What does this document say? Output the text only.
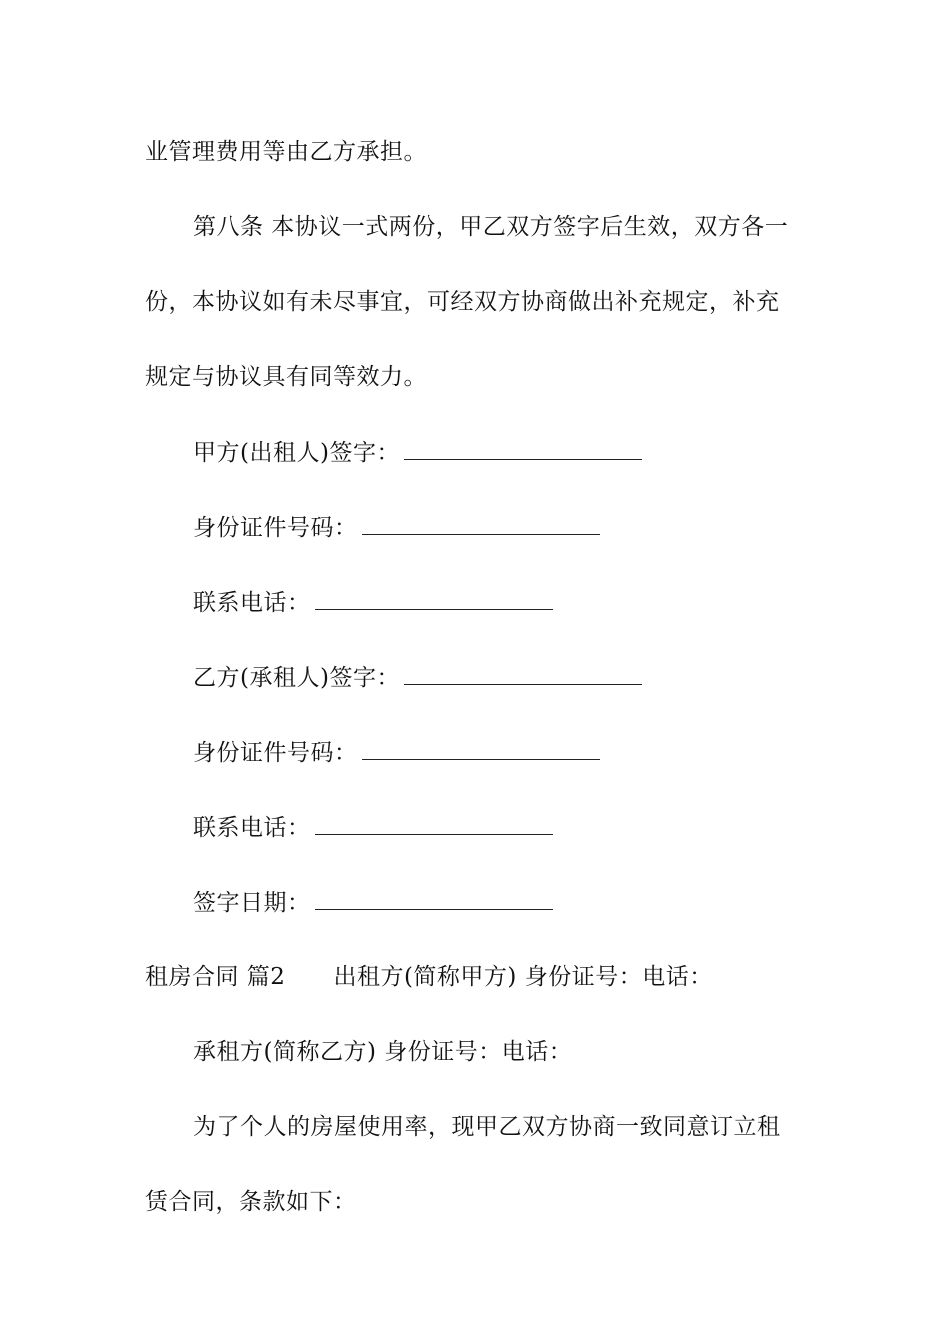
业管理费用等由乙方承担。
第八条 本协议一式两份，甲乙双方签字后生效，双方各一
份，本协议如有未尽事宜，可经双方协商做出补充规定，补充
规定与协议具有同等效力。
甲方(出租人)签字：
身份证件号码：
联系电话：
乙方(承租人)签字：
身份证件号码：
联系电话：
签字日期：
租房合同 篇2 出租方(简称甲方) 身份证号：电话：
承租方(简称乙方) 身份证号：电话：
为了个人的房屋使用率，现甲乙双方协商一致同意订立租
赁合同，条款如下：
